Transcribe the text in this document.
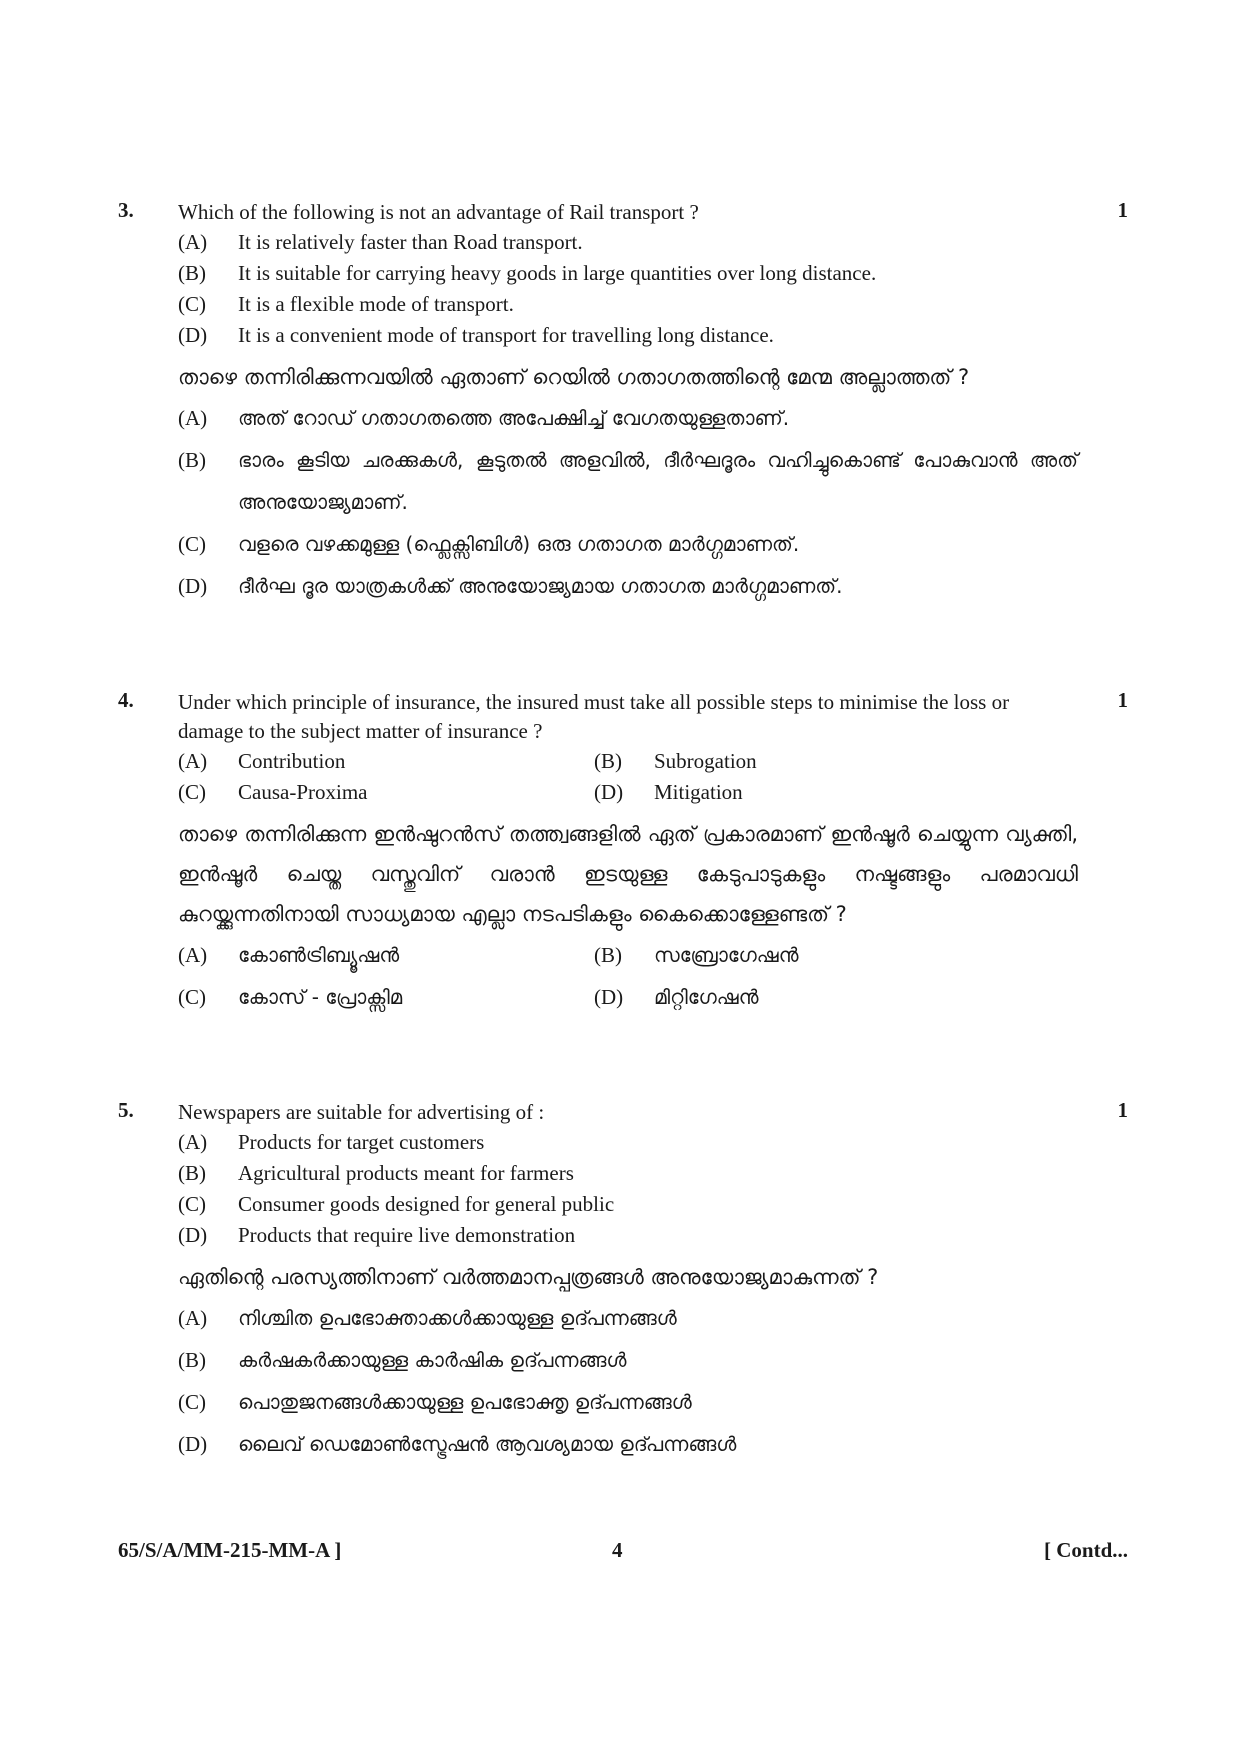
3.	1
Which of the following is not an advantage of Rail transport ?
(A)	It is relatively faster than Road transport.
(B)	It is suitable for carrying heavy goods in large quantities over long distance.
(C)	It is a flexible mode of transport.
(D)	It is a convenient mode of transport for travelling long distance.
താഴെ തന്നിരിക്കുന്നവയിൽ ഏതാണ് റെയിൽ ഗതാഗതത്തിന്റെ മേന്മ അല്ലാത്തത് ?
(A)	അത് റോഡ് ഗതാഗതത്തെ അപേക്ഷിച്ച് വേഗതയുള്ളതാണ്.
(B)	ഭാരം കൂടിയ ചരക്കുകൾ, കൂടുതൽ അളവിൽ, ദീർഘദൂരം വഹിച്ചുകൊണ്ട് പോകുവാൻ അത് അനുയോജ്യമാണ്.
(C)	വളരെ വഴക്കമുള്ള (ഫ്ലെക്സിബിൾ) ഒരു ഗതാഗത മാർഗ്ഗമാണത്.
(D)	ദീർഘ ദൂര യാത്രകൾക്ക് അനുയോജ്യമായ ഗതാഗത മാർഗ്ഗമാണത്.
4.	1
Under which principle of insurance, the insured must take all possible steps to minimise the loss or damage to the subject matter of insurance ?
(A)	Contribution	(B)	Subrogation
(C)	Causa-Proxima	(D)	Mitigation
താഴെ തന്നിരിക്കുന്ന ഇൻഷുറൻസ് തത്ത്വങ്ങളിൽ ഏത് പ്രകാരമാണ് ഇൻഷൂർ ചെയ്യുന്ന വ്യക്തി, ഇൻഷൂർ ചെയ്ത വസ്തുവിന് വരാൻ ഇടയുള്ള കേടുപാടുകളും നഷ്ടങ്ങളും പരമാവധി കുറയ്ക്കുന്നതിനായി സാധ്യമായ എല്ലാ നടപടികളും കൈക്കൊള്ളേണ്ടത് ?
(A)	കോൺട്രിബ്യൂഷൻ	(B)	സബ്രോഗേഷൻ
(C)	കോസ് - പ്രോക്സിമ	(D)	മിറ്റിഗേഷൻ
5.	1
Newspapers are suitable for advertising of :
(A)	Products for target customers
(B)	Agricultural products meant for farmers
(C)	Consumer goods designed for general public
(D)	Products that require live demonstration
ഏതിന്റെ പരസ്യത്തിനാണ് വർത്തമാനപ്പത്രങ്ങൾ അനുയോജ്യമാകുന്നത് ?
(A)	നിശ്ചിത ഉപഭോക്താക്കൾക്കായുള്ള ഉദ്പന്നങ്ങൾ
(B)	കർഷകർക്കായുള്ള കാർഷിക ഉദ്പന്നങ്ങൾ
(C)	പൊതുജനങ്ങൾക്കായുള്ള ഉപഭോക്തൃ ഉദ്പന്നങ്ങൾ
(D)	ലൈവ് ഡെമോൺസ്ട്രേഷൻ ആവശ്യമായ ഉദ്പന്നങ്ങൾ
65/S/A/MM-215-MM-A ]	4	[ Contd...
